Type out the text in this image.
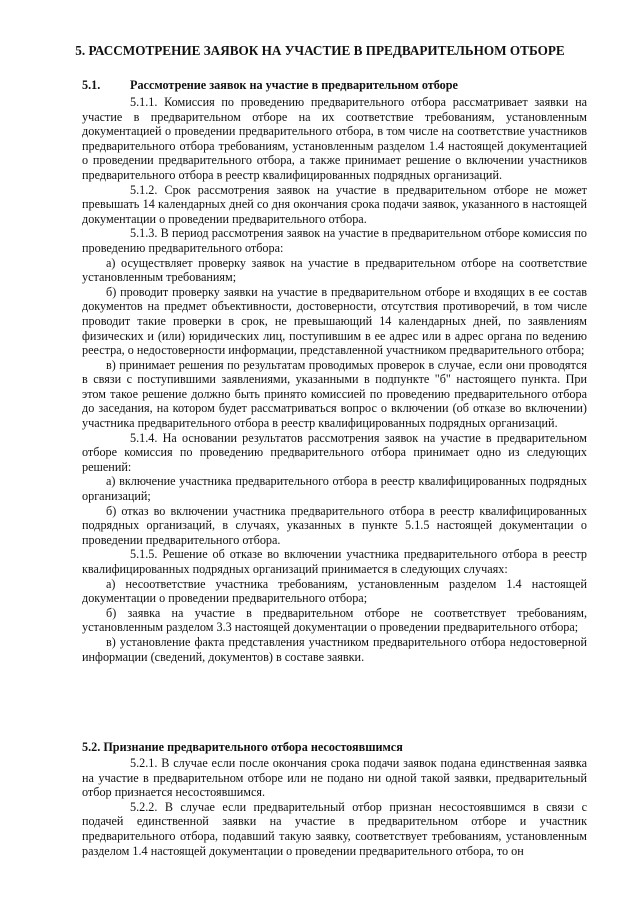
5. РАССМОТРЕНИЕ ЗАЯВОК НА УЧАСТИЕ В ПРЕДВАРИТЕЛЬНОМ ОТБОРЕ
5.1. Рассмотрение заявок на участие в предварительном отборе

5.1.1. Комиссия по проведению предварительного отбора рассматривает заявки на участие в предварительном отборе на их соответствие требованиям, установленным документацией о проведении предварительного отбора, в том числе на соответствие участников предварительного отбора требованиям, установленным разделом 1.4 настоящей документацией о проведении предварительного отбора, а также принимает решение о включении участников предварительного отбора в реестр квалифицированных подрядных организаций.

5.1.2. Срок рассмотрения заявок на участие в предварительном отборе не может превышать 14 календарных дней со дня окончания срока подачи заявок, указанного в настоящей документации о проведении предварительного отбора.

5.1.3. В период рассмотрения заявок на участие в предварительном отборе комиссия по проведению предварительного отбора:

а) осуществляет проверку заявок на участие в предварительном отборе на соответствие установленным требованиям;

б) проводит проверку заявки на участие в предварительном отборе и входящих в ее состав документов на предмет объективности, достоверности, отсутствия противоречий, в том числе проводит такие проверки в срок, не превышающий 14 календарных дней, по заявлениям физических и (или) юридических лиц, поступившим в ее адрес или в адрес органа по ведению реестра, о недостоверности информации, представленной участником предварительного отбора;

в) принимает решения по результатам проводимых проверок в случае, если они проводятся в связи с поступившими заявлениями, указанными в подпункте "б" настоящего пункта. При этом такое решение должно быть принято комиссией по проведению предварительного отбора до заседания, на котором будет рассматриваться вопрос о включении (об отказе во включении) участника предварительного отбора в реестр квалифицированных подрядных организаций.

5.1.4. На основании результатов рассмотрения заявок на участие в предварительном отборе комиссия по проведению предварительного отбора принимает одно из следующих решений:

а) включение участника предварительного отбора в реестр квалифицированных подрядных организаций;

б) отказ во включении участника предварительного отбора в реестр квалифицированных подрядных организаций, в случаях, указанных в пункте 5.1.5 настоящей документации о проведении предварительного отбора.

5.1.5. Решение об отказе во включении участника предварительного отбора в реестр квалифицированных подрядных организаций принимается в следующих случаях:

а) несоответствие участника требованиям, установленным разделом 1.4 настоящей документации о проведении предварительного отбора;

б) заявка на участие в предварительном отборе не соответствует требованиям, установленным разделом 3.3 настоящей документации о проведении предварительного отбора;

в) установление факта представления участником предварительного отбора недостоверной информации (сведений, документов) в составе заявки.

5.2. Признание предварительного отбора несостоявшимся

5.2.1. В случае если после окончания срока подачи заявок подана единственная заявка на участие в предварительном отборе или не подано ни одной такой заявки, предварительный отбор признается несостоявшимся.

5.2.2. В случае если предварительный отбор признан несостоявшимся в связи с подачей единственной заявки на участие в предварительном отборе и участник предварительного отбора, подавший такую заявку, соответствует требованиям, установленным разделом 1.4 настоящей документации о проведении предварительного отбора, то он
